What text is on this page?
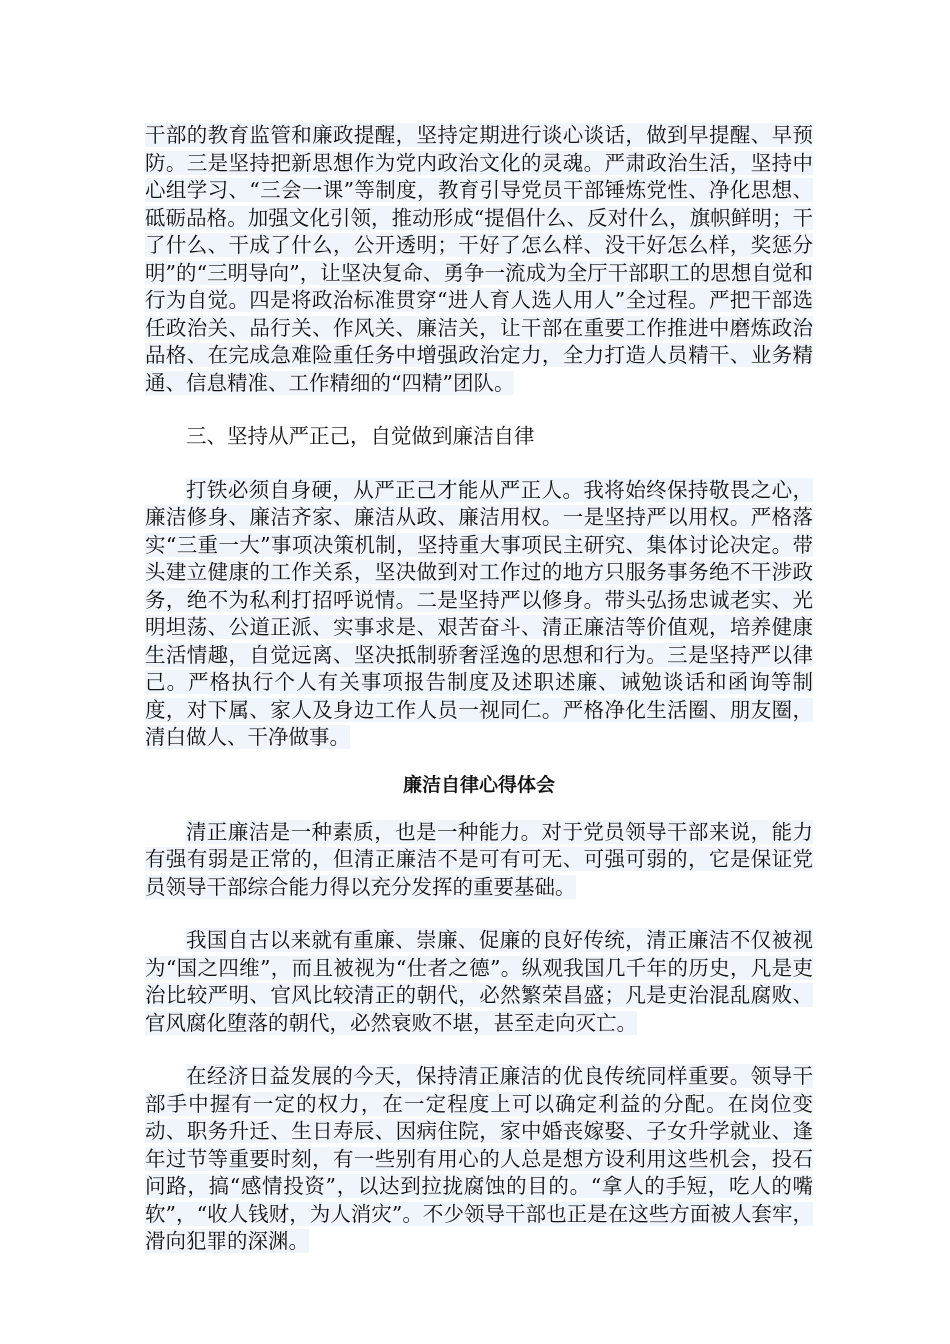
干部的教育监管和廉政提醒，坚持定期进行谈心谈话，做到早提醒、早预防。三是坚持把新思想作为党内政治文化的灵魂。严肃政治生活，坚持中心组学习、“三会一课”等制度，教育引导党员干部锤炼党性、净化思想、砥砺品格。加强文化引领，推动形成“提倡什么、反对什么，旗帜鲜明；干了什么、干成了什么，公开透明；干好了怎么样、没干好怎么样，奖惩分明”的“三明导向”，让坚决复命、勇争一流成为全厅干部职工的思想自觉和行为自觉。四是将政治标准贯穿“进人育人选人用人”全过程。严把干部选任政治关、品行关、作风关、廉洁关，让干部在重要工作推进中磨炼政治品格、在完成急难险重任务中增强政治定力，全力打造人员精干、业务精通、信息精准、工作精细的“四精”团队。

三、坚持从严正己，自觉做到廉洁自律

打铁必须自身硬，从严正己才能从严正人。我将始终保持敬畏之心，廉洁修身、廉洁齐家、廉洁从政、廉洁用权。一是坚持严以用权。严格落实“三重一大”事项决策机制，坚持重大事项民主研究、集体讨论决定。带头建立健康的工作关系，坚决做到对工作过的地方只服务事务绝不干涉政务，绝不为私利打招呼说情。二是坚持严以修身。带头弘扬忠诚老实、光明坦荡、公道正派、实事求是、艰苦奋斗、清正廉洁等价值观，培养健康生活情趣，自觉远离、坚决抵制骄奢淫逸的思想和行为。三是坚持严以律己。严格执行个人有关事项报告制度及述职述廉、诫勉谈话和函询等制度，对下属、家人及身边工作人员一视同仁。严格净化生活圈、朋友圈，清白做人、干净做事。

廉洁自律心得体会

清正廉洁是一种素质，也是一种能力。对于党员领导干部来说，能力有强有弱是正常的，但清正廉洁不是可有可无、可强可弱的，它是保证党员领导干部综合能力得以充分发挥的重要基础。

我国自古以来就有重廉、崇廉、促廉的良好传统，清正廉洁不仅被视为“国之四维”，而且被视为“仕者之德”。纵观我国几千年的历史，凡是吏治比较严明、官风比较清正的朝代，必然繁荣昌盛；凡是吏治混乱腐败、官风腐化堕落的朝代，必然衰败不堪，甚至走向灭亡。

在经济日益发展的今天，保持清正廉洁的优良传统同样重要。领导干部手中握有一定的权力，在一定程度上可以确定利益的分配。在岗位变动、职务升迁、生日寿辰、因病住院，家中婚丧嫁娶、子女升学就业、逢年过节等重要时刻，有一些别有用心的人总是想方设利用这些机会，投石问路，搞“感情投资”，以达到拉拢腐蚀的目的。“拿人的手短，吃人的嘴软”，“收人钱财，为人消灾”。不少领导干部也正是在这些方面被人套牢，滑向犯罪的深渊。
